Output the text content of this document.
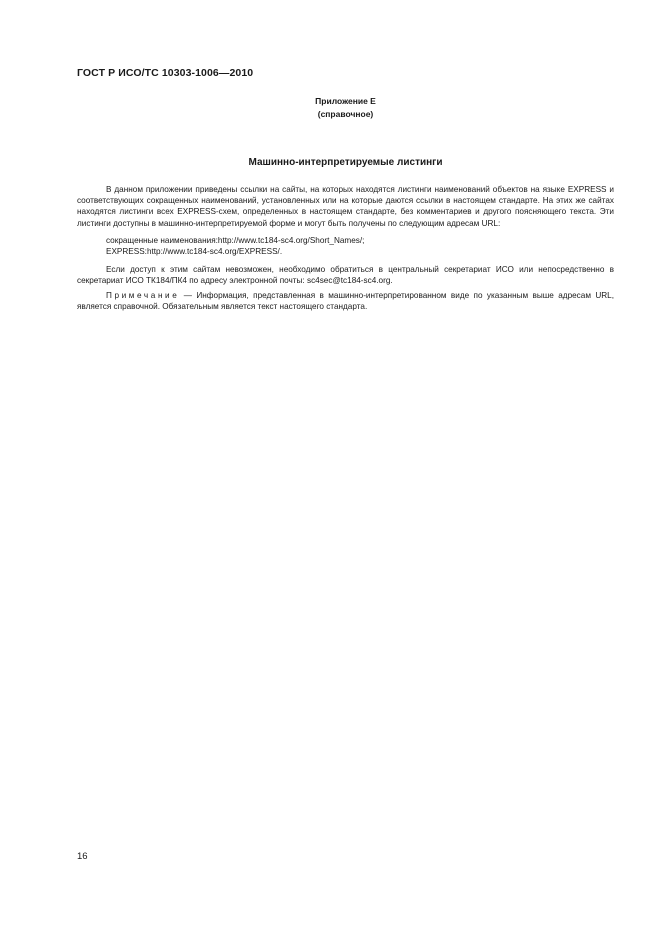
ГОСТ Р ИСО/ТС 10303-1006—2010
Приложение Е
(справочное)
Машинно-интерпретируемые листинги

В данном приложении приведены ссылки на сайты, на которых находятся листинги наименований объектов на языке EXPRESS и соответствующих сокращенных наименований, установленных или на которые даются ссылки в настоящем стандарте. На этих же сайтах находятся листинги всех EXPRESS-схем, определенных в настоящем стандарте, без комментариев и другого поясняющего текста. Эти листинги доступны в машинно-интерпретируемой форме и могут быть получены по следующим адресам URL:

сокращенные наименования:http://www.tc184-sc4.org/Short_Names/;
EXPRESS:http://www.tc184-sc4.org/EXPRESS/.

Если доступ к этим сайтам невозможен, необходимо обратиться в центральный секретариат ИСО или непосредственно в секретариат ИСО ТК184/ПК4 по адресу электронной почты: sc4sec@tc184-sc4.org.

Примечание — Информация, представленная в машинно-интерпретированном виде по указанным выше адресам URL, является справочной. Обязательным является текст настоящего стандарта.

16
